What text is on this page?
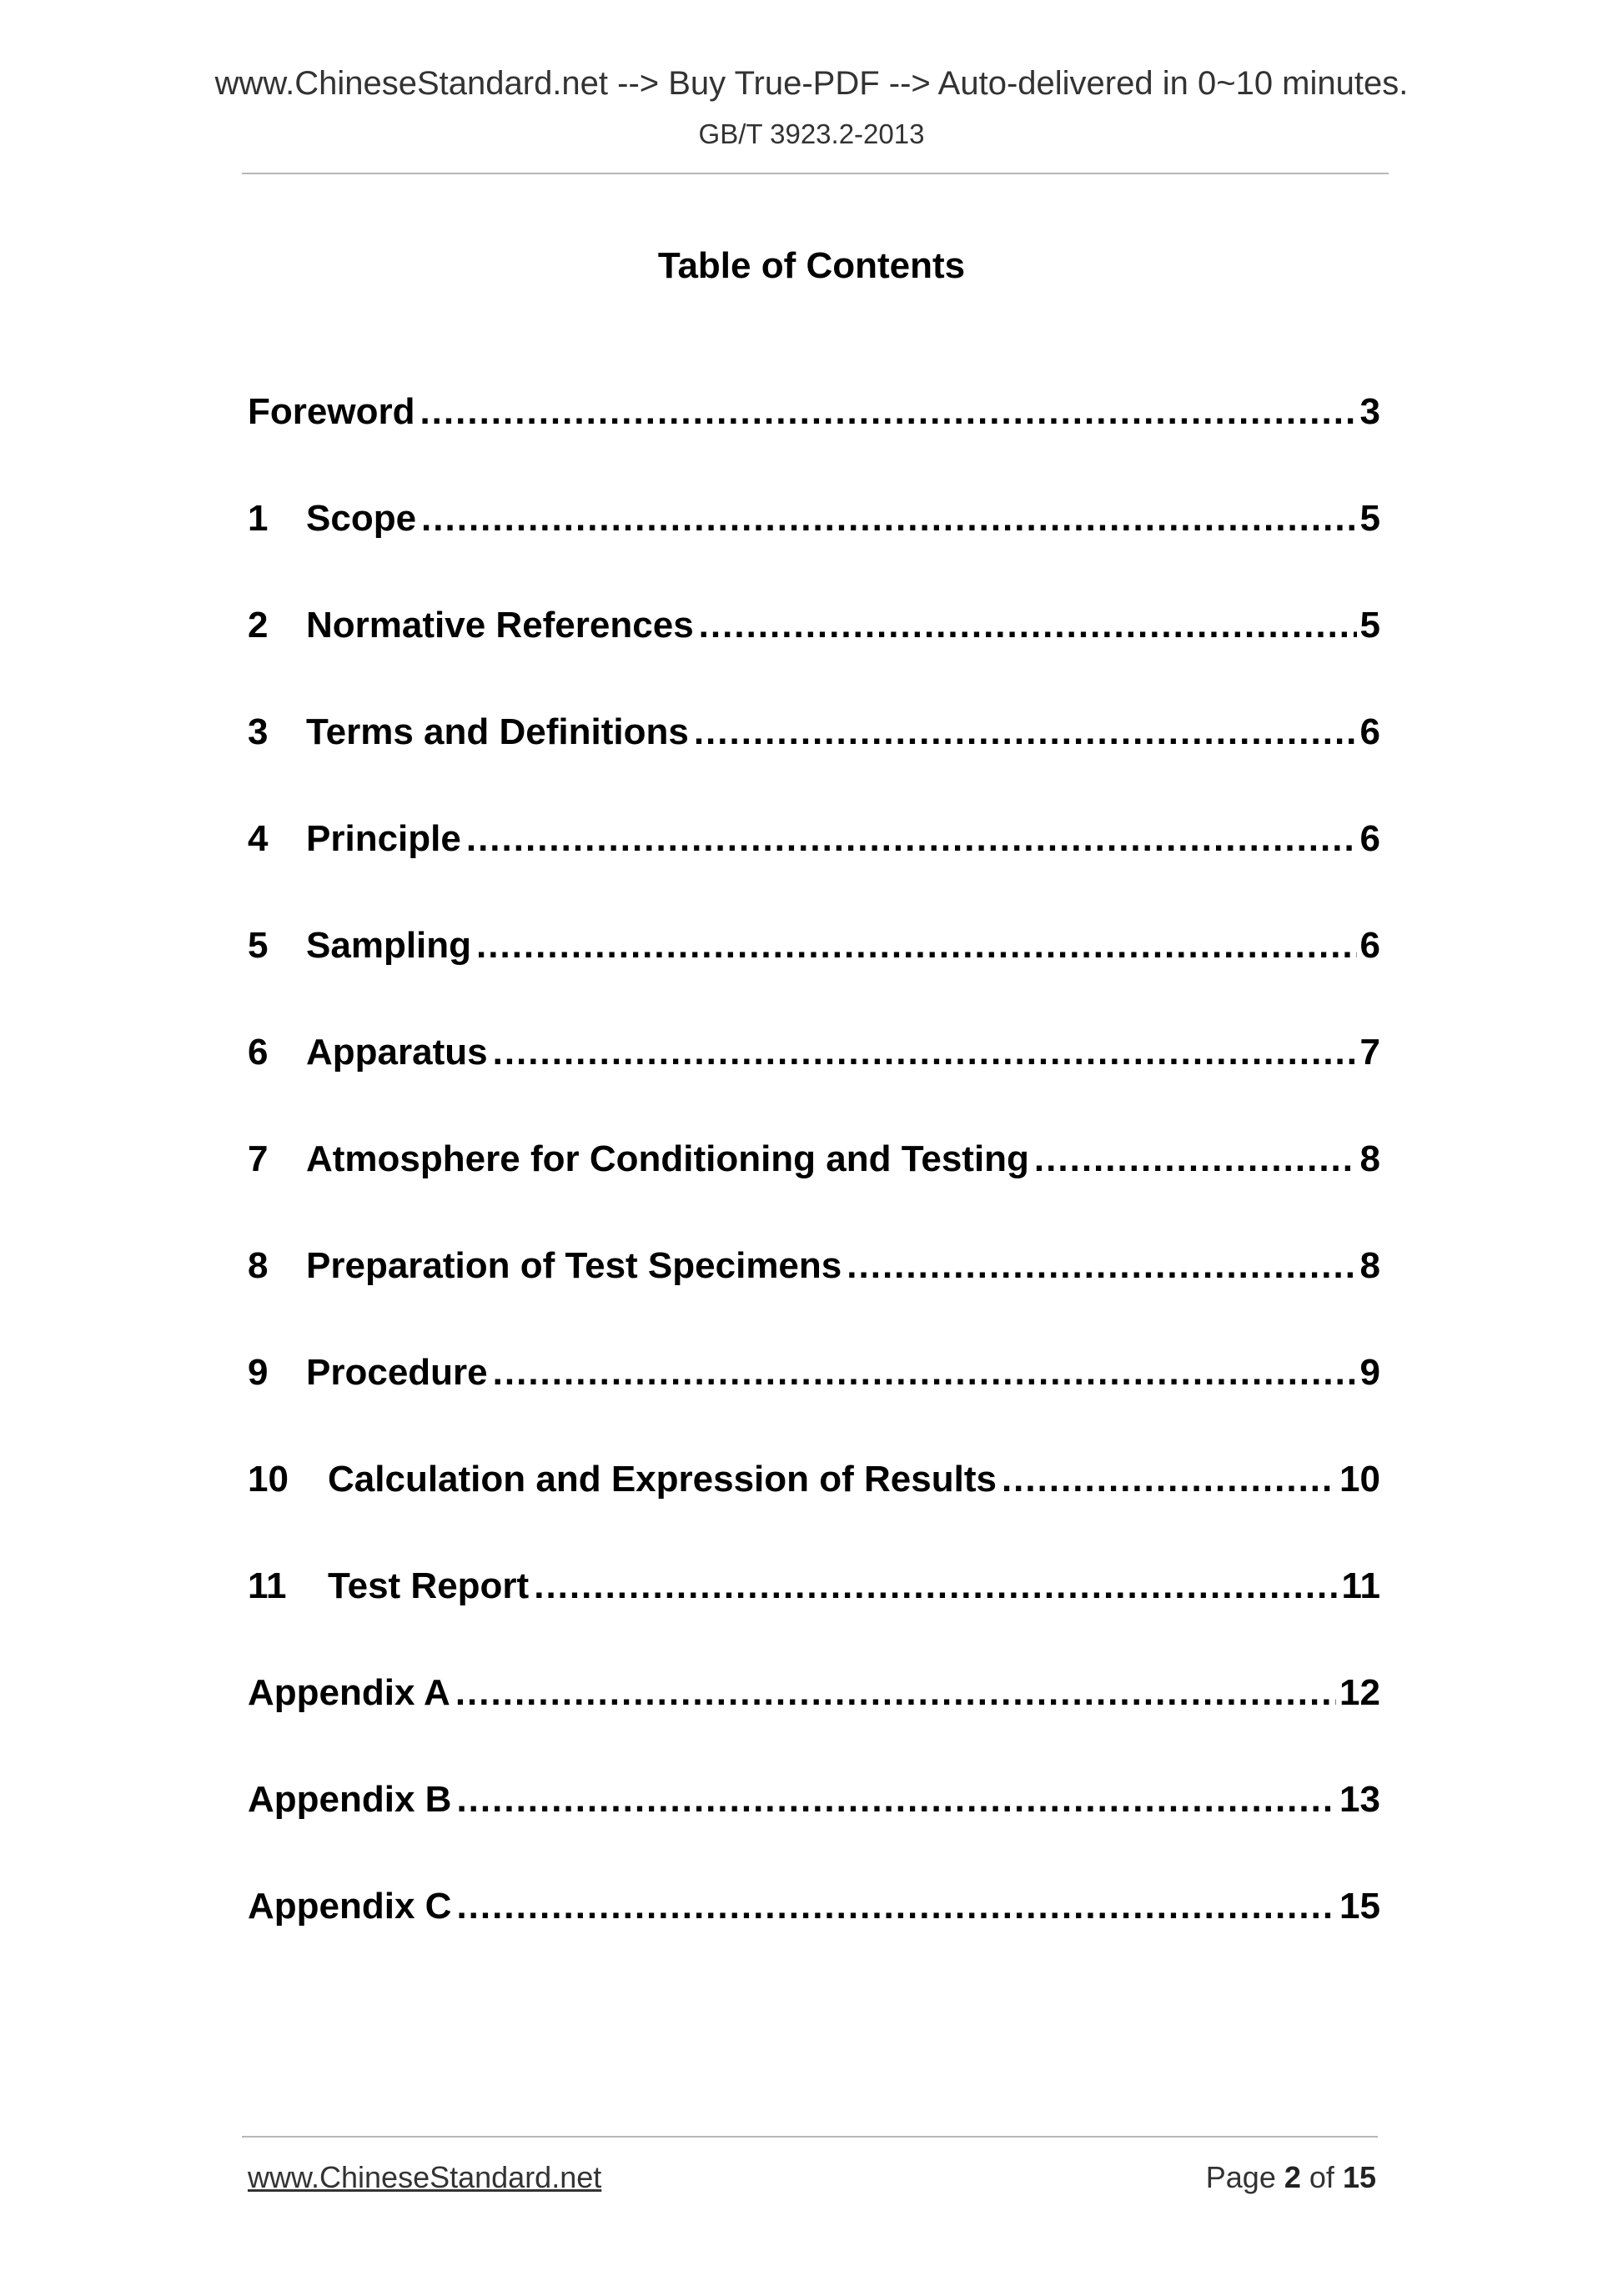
www.ChineseStandard.net --> Buy True-PDF --> Auto-delivered in 0~10 minutes.
GB/T 3923.2-2013
Table of Contents
Foreword .....	3
1	Scope .....	5
2	Normative References .....	5
3	Terms and Definitions .....	6
4	Principle .....	6
5	Sampling .....	6
6	Apparatus .....	7
7	Atmosphere for Conditioning and Testing .....	8
8	Preparation of Test Specimens .....	8
9	Procedure .....	9
10	Calculation and Expression of Results .....	10
11	Test Report .....	11
Appendix A .....	12
Appendix B .....	13
Appendix C .....	15
www.ChineseStandard.net	Page 2 of 15
